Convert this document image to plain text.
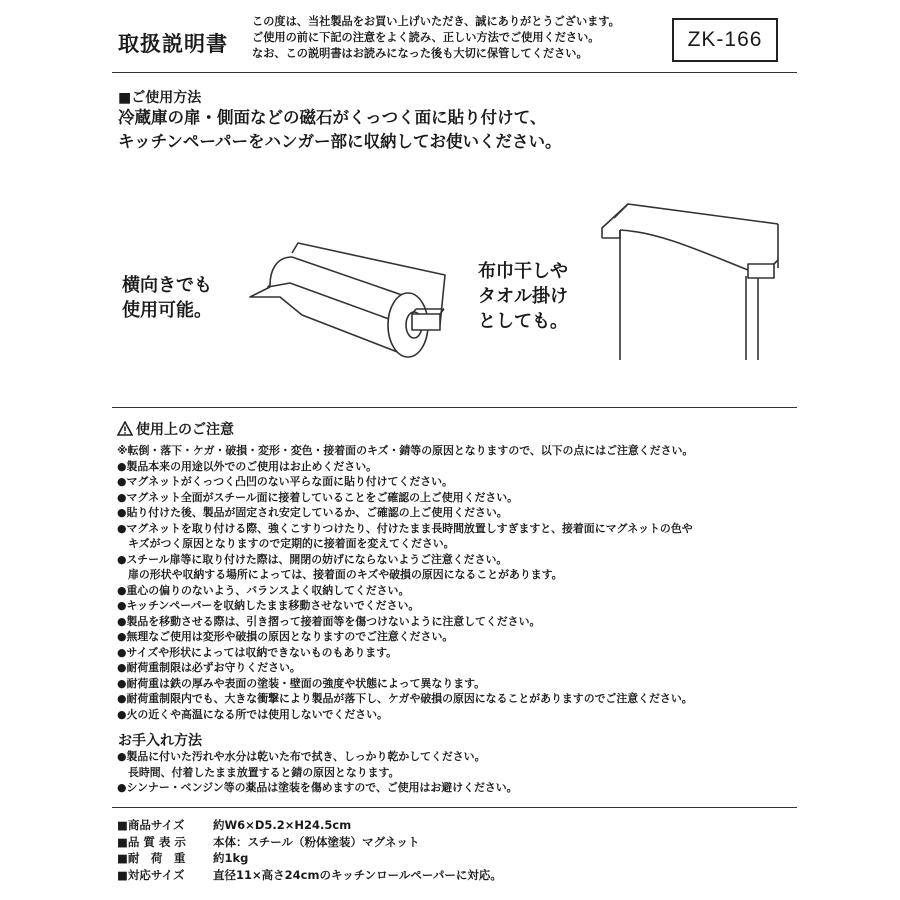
取扱説明書
この度は、当社製品をお買い上げいただき、誠にありがとうございます。
ご使用の前に下記の注意をよく読み、正しい方法でご使用ください。
なお、この説明書はお読みになった後も大切に保管してください。
ZK-166
■ご使用方法
冷蔵庫の扉・側面などの磁石がくっつく面に貼り付けて、
キッチンペーパーをハンガー部に収納してお使いください。
横向きでも
使用可能。
布巾干しや
タオル掛け
としても。
使用上のご注意
※転倒・落下・ケガ・破損・変形・変色・接着面のキズ・錆等の原因となりますので、以下の点にはご注意ください。
●製品本来の用途以外でのご使用はお止めください。
●マグネットがくっつく凸凹のない平らな面に貼り付けてください。
●マグネット全面がスチール面に接着していることをご確認の上ご使用ください。
●貼り付けた後、製品が固定され安定しているか、ご確認の上ご使用ください。
●マグネットを取り付ける際、強くこすりつけたり、付けたまま長時間放置しすぎますと、接着面にマグネットの色や
キズがつく原因となりますので定期的に接着面を変えてください。
●スチール扉等に取り付けた際は、開閉の妨げにならないようご注意ください。
扉の形状や収納する場所によっては、接着面のキズや破損の原因になることがあります。
●重心の偏りのないよう、バランスよく収納してください。
●キッチンペーパーを収納したまま移動させないでください。
●製品を移動させる際は、引き摺って接着面等を傷つけないように注意してください。
●無理なご使用は変形や破損の原因となりますのでご注意ください。
●サイズや形状によっては収納できないものもあります。
●耐荷重制限は必ずお守りください。
●耐荷重は鉄の厚みや表面の塗装・壁面の強度や状態によって異なります。
●耐荷重制限内でも、大きな衝撃により製品が落下し、ケガや破損の原因になることがありますのでご注意ください。
●火の近くや高温になる所では使用しないでください。
お手入れ方法
●製品に付いた汚れや水分は乾いた布で拭き、しっかり乾かしてください。
長時間、付着したまま放置すると錆の原因となります。
●シンナー・ベンジン等の薬品は塗装を傷めますので、ご使用はお避けください。
■商品サイズ	約W6×D5.2×H24.5cm
■品 質 表 示	本体：スチール（粉体塗装）マグネット
■耐　荷　重	約1kg
■対応サイズ	直径11×高さ24cmのキッチンロールペーパーに対応。
